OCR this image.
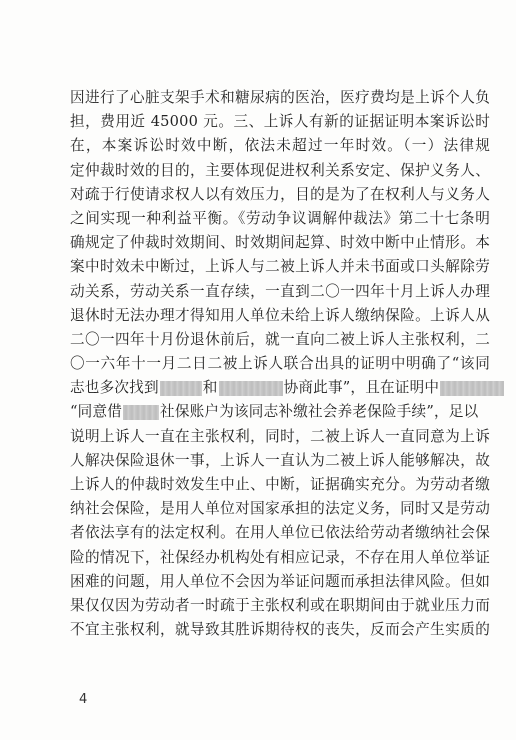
因进行了心脏支架手术和糖尿病的医治，医疗费均是上诉个人负
担，费用近 45000 元。三、上诉人有新的证据证明本案诉讼时
在，本案诉讼时效中断，依法未超过一年时效。（一）法律规
定仲裁时效的目的，主要体现促进权利关系安定、保护义务人、
对疏于行使请求权人以有效压力，目的是为了在权利人与义务人
之间实现一种利益平衡。《劳动争议调解仲裁法》第二十七条明
确规定了仲裁时效期间、时效期间起算、时效中断中止情形。本
案中时效未中断过，上诉人与二被上诉人并未书面或口头解除劳
动关系，劳动关系一直存续，一直到二〇一四年十月上诉人办理
退休时无法办理才得知用人单位未给上诉人缴纳保险。上诉人从
二〇一四年十月份退休前后，就一直向二被上诉人主张权利，二
〇一六年十一月二日二被上诉人联合出具的证明中明确了“该同
志也多次找到	和	协商此事”，且在证明中
“同意借	社保账户为该同志补缴社会养老保险手续”，足以
说明上诉人一直在主张权利，同时，二被上诉人一直同意为上诉
人解决保险退休一事，上诉人一直认为二被上诉人能够解决，故
上诉人的仲裁时效发生中止、中断，证据确实充分。为劳动者缴
纳社会保险，是用人单位对国家承担的法定义务，同时又是劳动
者依法享有的法定权利。在用人单位已依法给劳动者缴纳社会保
险的情况下，社保经办机构处有相应记录，不存在用人单位举证
困难的问题，用人单位不会因为举证问题而承担法律风险。但如
果仅仅因为劳动者一时疏于主张权利或在职期间由于就业压力而
不宜主张权利，就导致其胜诉期待权的丧失，反而会产生实质的
4
